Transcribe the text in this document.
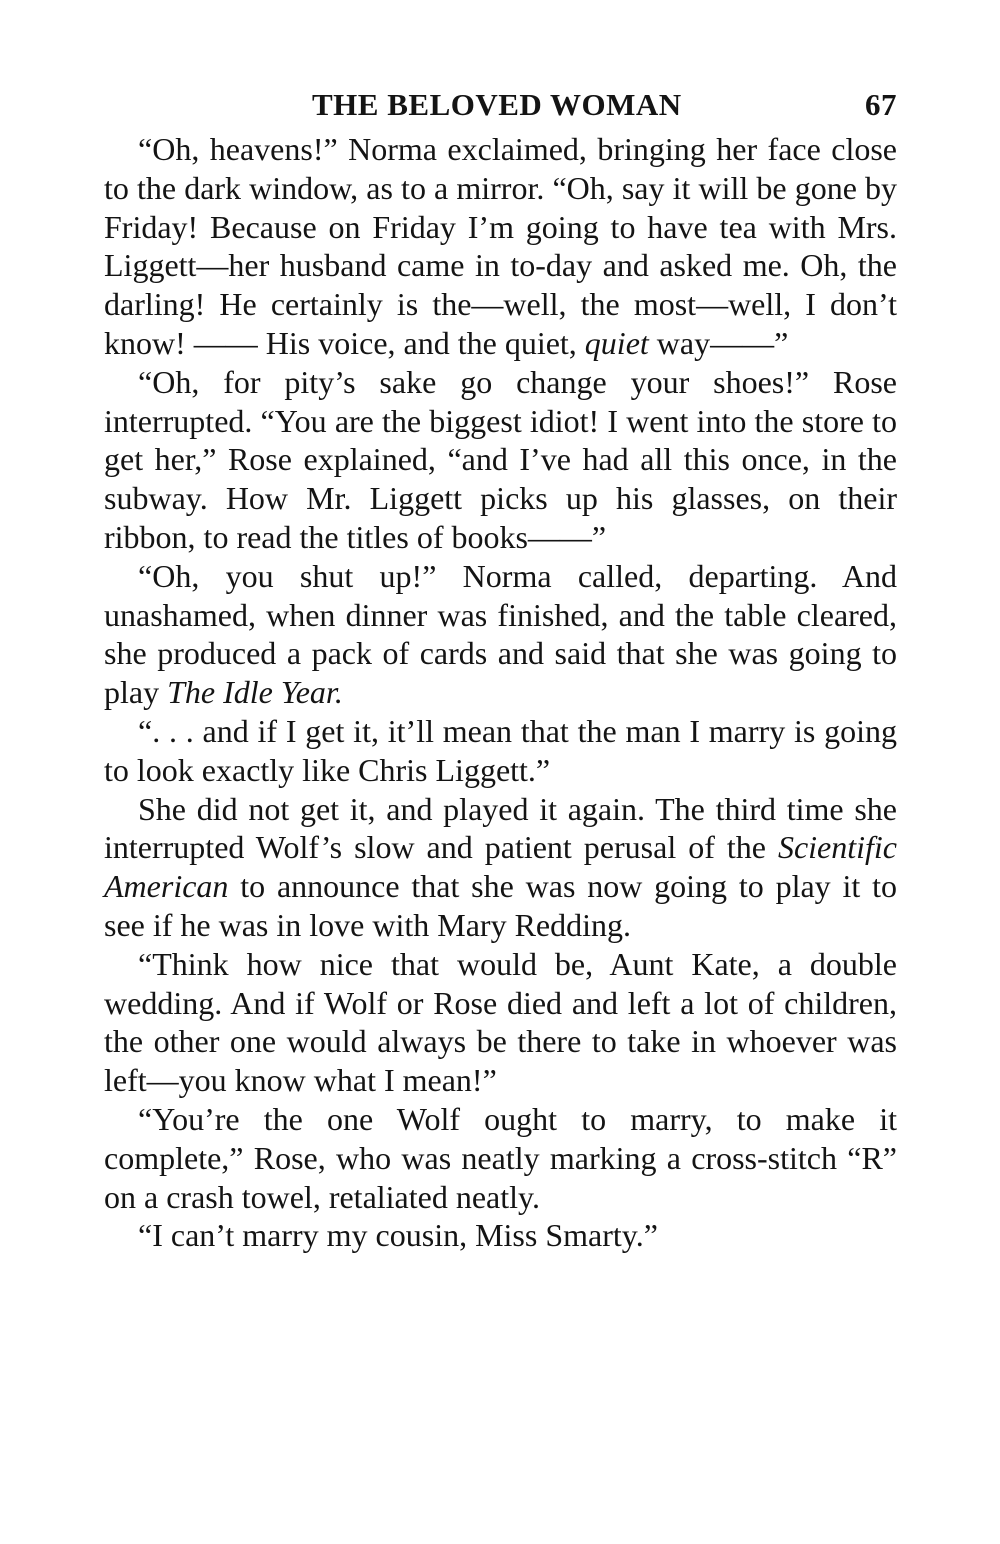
THE BELOVED WOMAN	67

“Oh, heavens!” Norma exclaimed, bringing her face close to the dark window, as to a mirror. “Oh, say it will be gone by Friday! Because on Friday I’m going to have tea with Mrs. Liggett—her husband came in to-day and asked me. Oh, the darling! He certainly is the—well, the most—well, I don’t know! —— His voice, and the quiet, quiet way——”

“Oh, for pity’s sake go change your shoes!” Rose interrupted. “You are the biggest idiot! I went into the store to get her,” Rose explained, “and I’ve had all this once, in the subway. How Mr. Liggett picks up his glasses, on their ribbon, to read the titles of books——”

“Oh, you shut up!” Norma called, departing. And unashamed, when dinner was finished, and the table cleared, she produced a pack of cards and said that she was going to play The Idle Year.

“. . . and if I get it, it’ll mean that the man I marry is going to look exactly like Chris Liggett.”

She did not get it, and played it again. The third time she interrupted Wolf’s slow and patient perusal of the Scientific American to announce that she was now going to play it to see if he was in love with Mary Redding.

“Think how nice that would be, Aunt Kate, a double wedding. And if Wolf or Rose died and left a lot of children, the other one would always be there to take in whoever was left—you know what I mean!”

“You’re the one Wolf ought to marry, to make it complete,” Rose, who was neatly marking a cross-stitch “R” on a crash towel, retaliated neatly.

“I can’t marry my cousin, Miss Smarty.”
